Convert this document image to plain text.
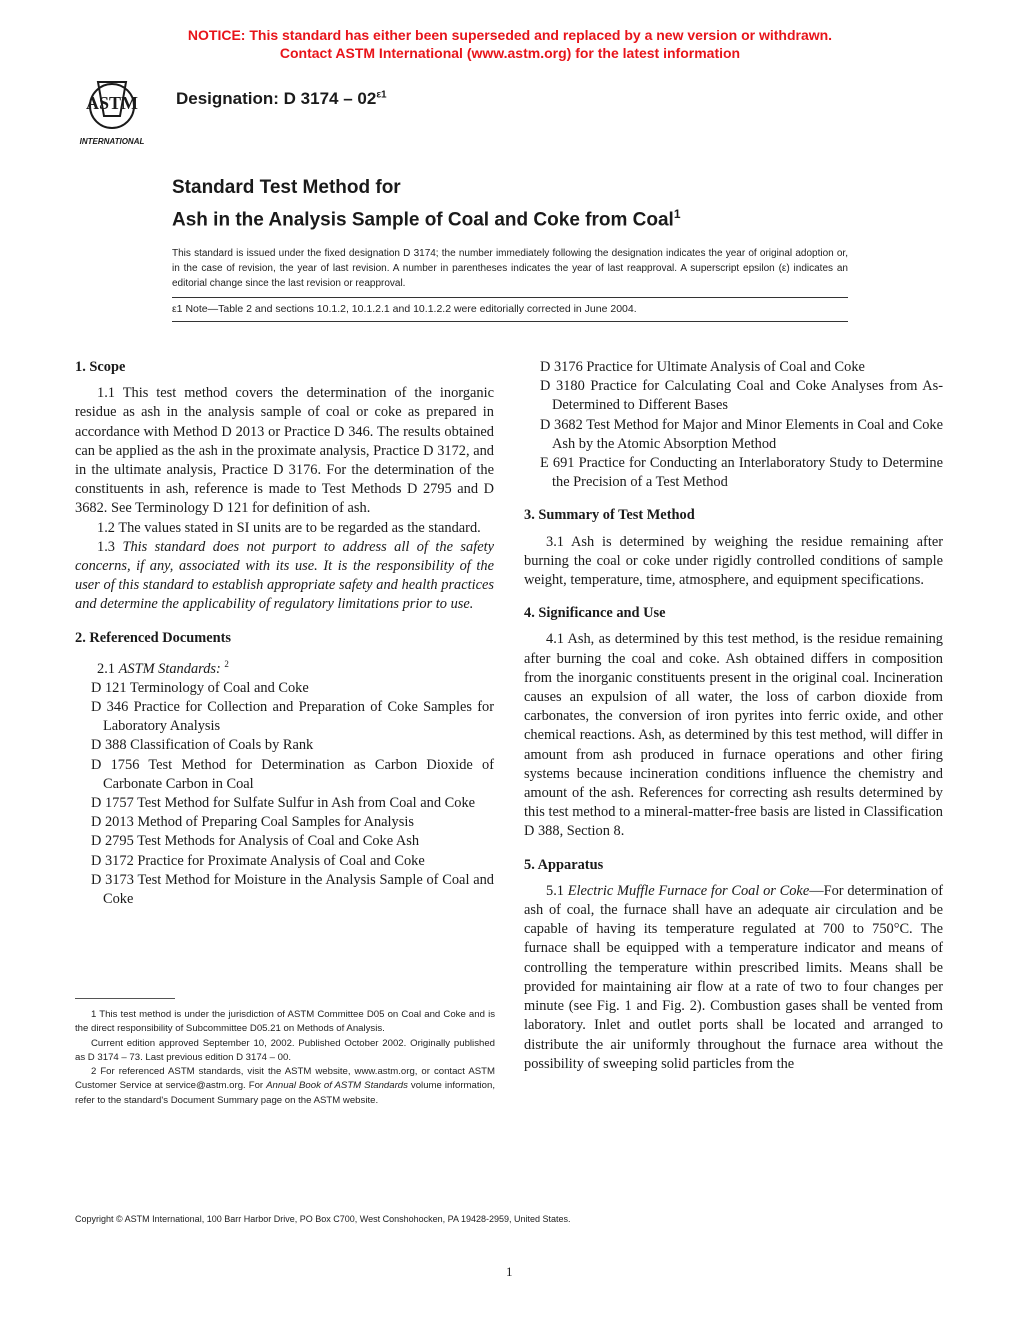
NOTICE: This standard has either been superseded and replaced by a new version or withdrawn.
Contact ASTM International (www.astm.org) for the latest information
ASTM
INTERNATIONAL
Designation: D $3174 - 02^{\varepsilon 1}$
Standard Test Method for
Ash in the Analysis Sample of Coal and Coke from Coal$^1$
This standard is issued under the fixed designation D 3174; the number immediately following the designation indicates the year of original adoption or, in the case of revision, the year of last revision. A number in parentheses indicates the year of last reapproval. A superscript epsilon (ε) indicates an editorial change since the last revision or reapproval.
ε1 Note—Table 2 and sections 10.1.2, 10.1.2.1 and 10.1.2.2 were editorially corrected in June 2004.
1. Scope

1.1 This test method covers the determination of the inorganic residue as ash in the analysis sample of coal or coke as prepared in accordance with Method D 2013 or Practice D 346. The results obtained can be applied as the ash in the proximate analysis, Practice D 3172, and in the ultimate analysis, Practice D 3176. For the determination of the constituents in ash, reference is made to Test Methods D 2795 and D 3682. See Terminology D 121 for definition of ash.

1.2 The values stated in SI units are to be regarded as the standard.

1.3 This standard does not purport to address all of the safety concerns, if any, associated with its use. It is the responsibility of the user of this standard to establish appropriate safety and health practices and determine the applicability of regulatory limitations prior to use.

2. Referenced Documents

2.1 ASTM Standards: $^2$

D 121 Terminology of Coal and Coke

D 346 Practice for Collection and Preparation of Coke Samples for Laboratory Analysis

D 388 Classification of Coals by Rank

D 1756 Test Method for Determination as Carbon Dioxide of Carbonate Carbon in Coal

D 1757 Test Method for Sulfate Sulfur in Ash from Coal and Coke

D 2013 Method of Preparing Coal Samples for Analysis

D 2795 Test Methods for Analysis of Coal and Coke Ash

D 3172 Practice for Proximate Analysis of Coal and Coke

D 3173 Test Method for Moisture in the Analysis Sample of Coal and Coke

1 This test method is under the jurisdiction of ASTM Committee D05 on Coal and Coke and is the direct responsibility of Subcommittee D05.21 on Methods of Analysis.

Current edition approved September 10, 2002. Published October 2002. Originally published as D 3174 – 73. Last previous edition D 3174 – 00.

2 For referenced ASTM standards, visit the ASTM website, www.astm.org, or contact ASTM Customer Service at service@astm.org. For Annual Book of ASTM Standards volume information, refer to the standard's Document Summary page on the ASTM website.

D 3176 Practice for Ultimate Analysis of Coal and Coke

D 3180 Practice for Calculating Coal and Coke Analyses from As-Determined to Different Bases

D 3682 Test Method for Major and Minor Elements in Coal and Coke Ash by the Atomic Absorption Method

E 691 Practice for Conducting an Interlaboratory Study to Determine the Precision of a Test Method

3. Summary of Test Method

3.1 Ash is determined by weighing the residue remaining after burning the coal or coke under rigidly controlled conditions of sample weight, temperature, time, atmosphere, and equipment specifications.

4. Significance and Use

4.1 Ash, as determined by this test method, is the residue remaining after burning the coal and coke. Ash obtained differs in composition from the inorganic constituents present in the original coal. Incineration causes an expulsion of all water, the loss of carbon dioxide from carbonates, the conversion of iron pyrites into ferric oxide, and other chemical reactions. Ash, as determined by this test method, will differ in amount from ash produced in furnace operations and other firing systems because incineration conditions influence the chemistry and amount of the ash. References for correcting ash results determined by this test method to a mineral-matter-free basis are listed in Classification D 388, Section 8.

5. Apparatus

5.1 Electric Muffle Furnace for Coal or Coke—For determination of ash of coal, the furnace shall have an adequate air circulation and be capable of having its temperature regulated at 700 to 750°C. The furnace shall be equipped with a temperature indicator and means of controlling the temperature within prescribed limits. Means shall be provided for maintaining air flow at a rate of two to four changes per minute (see Fig. 1 and Fig. 2). Combustion gases shall be vented from laboratory. Inlet and outlet ports shall be located and arranged to distribute the air uniformly throughout the furnace area without the possibility of sweeping solid particles from the

Copyright © ASTM International, 100 Barr Harbor Drive, PO Box C700, West Conshohocken, PA 19428-2959, United States.
1
